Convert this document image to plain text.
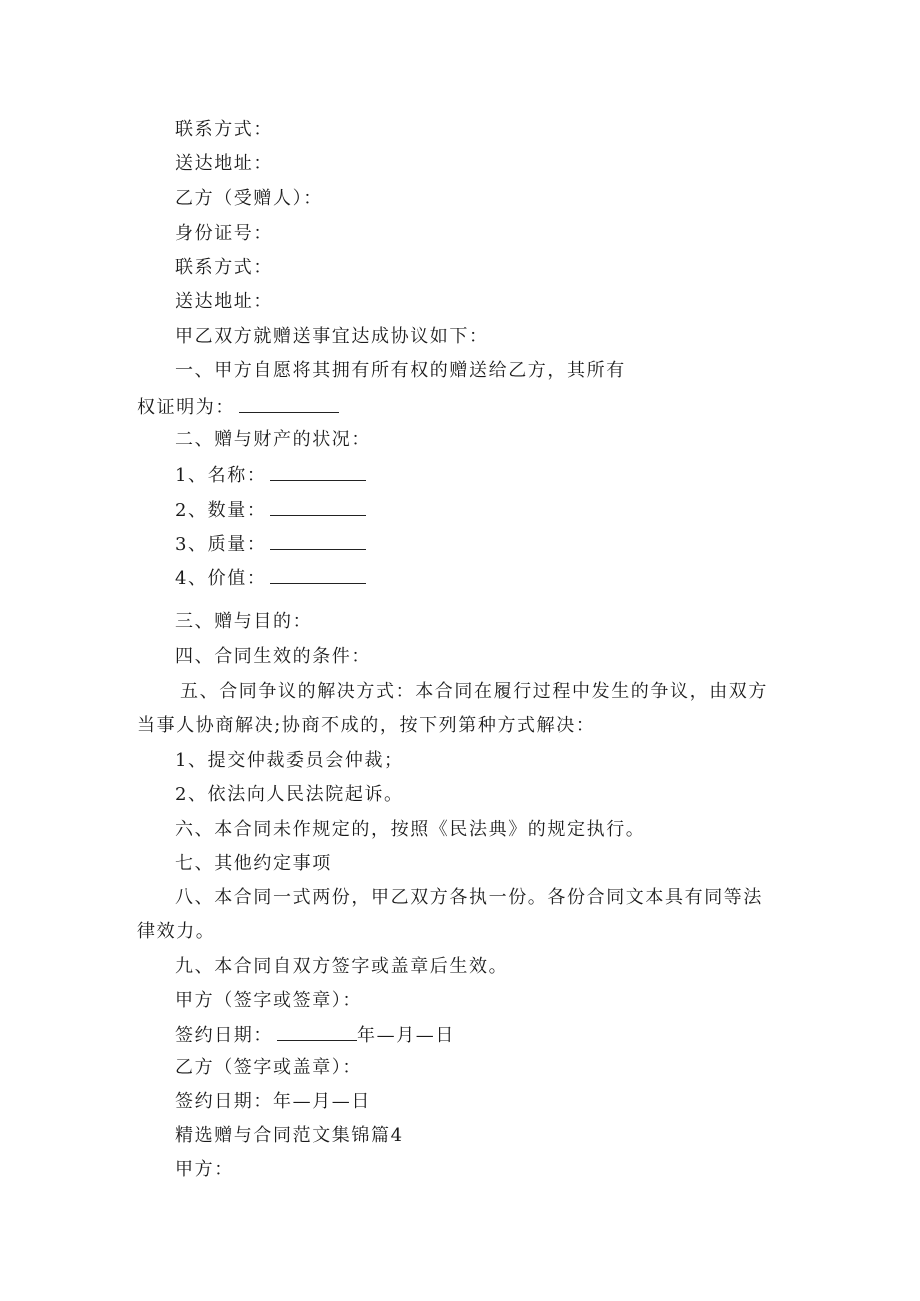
联系方式：
送达地址：
乙方（受赠人）：
身份证号：
联系方式：
送达地址：
甲乙双方就赠送事宜达成协议如下：
一、甲方自愿将其拥有所有权的赠送给乙方，其所有
权证明为：
二、赠与财产的状况：
1、名称：
2、数量：
3、质量：
4、价值：
三、赠与目的：
四、合同生效的条件：
五、合同争议的解决方式：本合同在履行过程中发生的争议，由双方
当事人协商解决;协商不成的，按下列第种方式解决：
1、提交仲裁委员会仲裁；
2、依法向人民法院起诉。
六、本合同未作规定的，按照《民法典》的规定执行。
七、其他约定事项
八、本合同一式两份，甲乙双方各执一份。各份合同文本具有同等法
律效力。
九、本合同自双方签字或盖章后生效。
甲方（签字或签章）：
签约日期：	年—月—日
乙方（签字或盖章）：
签约日期：年—月—日
精选赠与合同范文集锦篇4
甲方：
